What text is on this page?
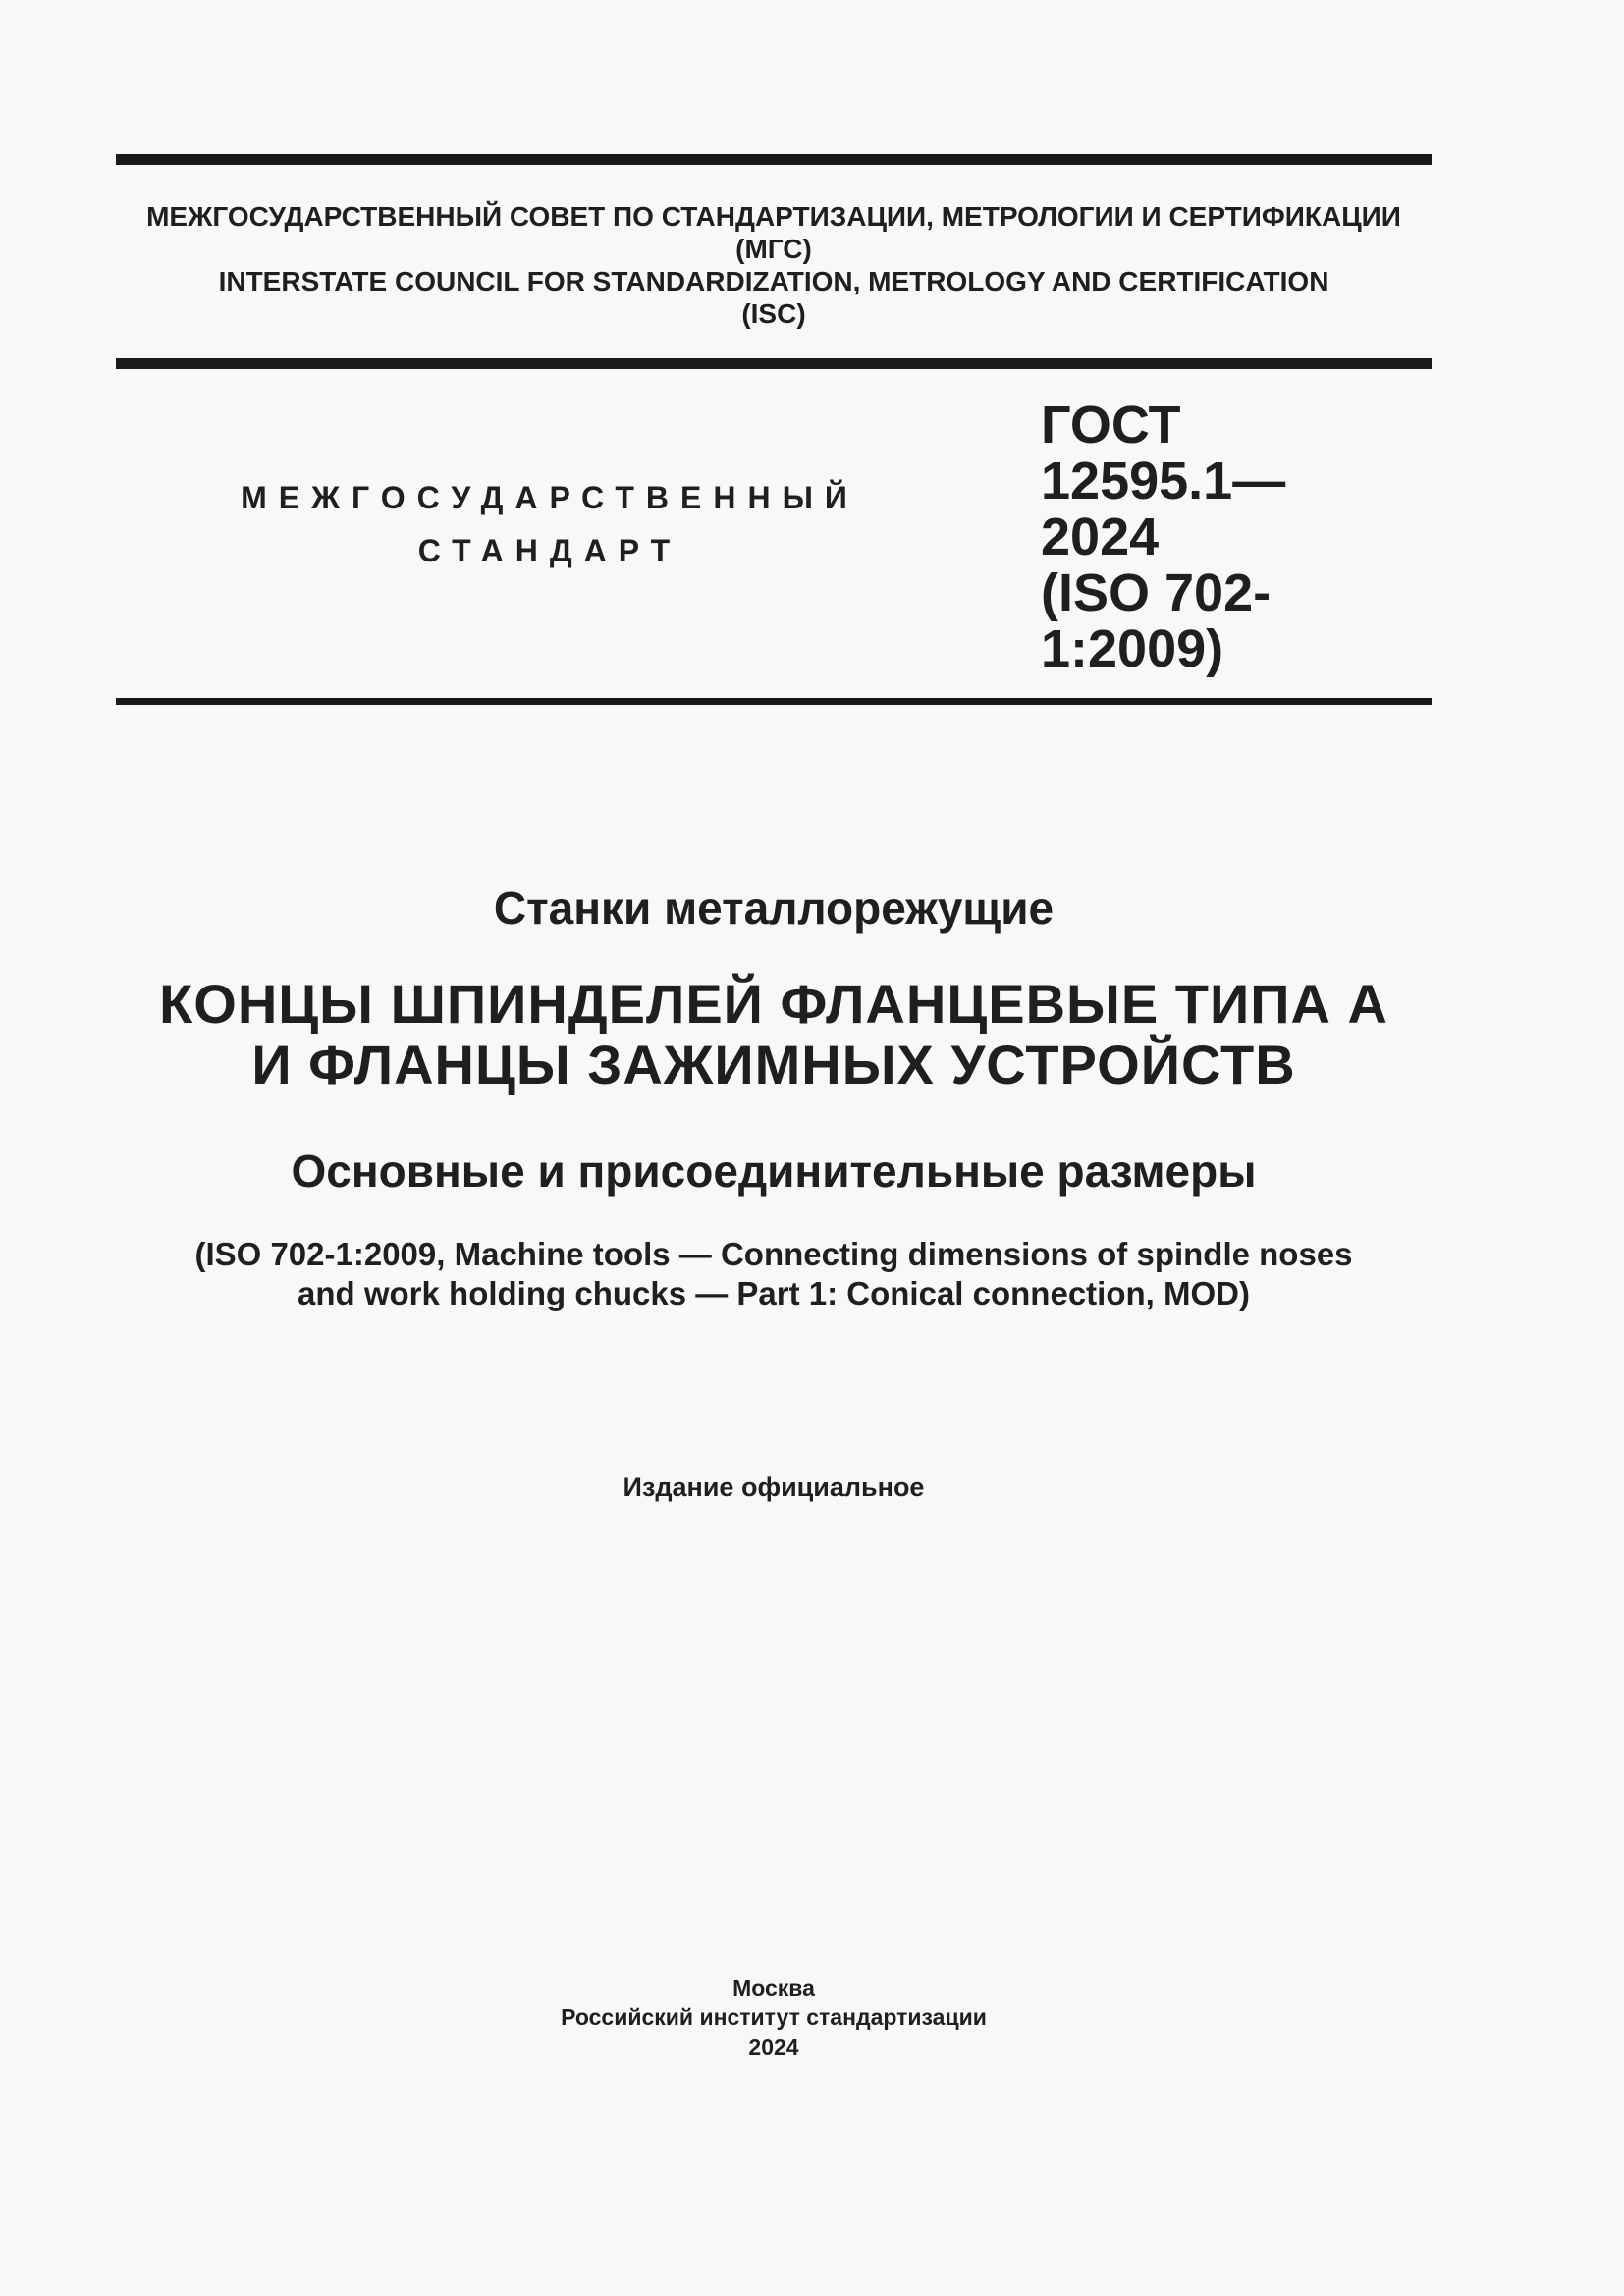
МЕЖГОСУДАРСТВЕННЫЙ СОВЕТ ПО СТАНДАРТИЗАЦИИ, МЕТРОЛОГИИ И СЕРТИФИКАЦИИ
(МГС)
INTERSTATE COUNCIL FOR STANDARDIZATION, METROLOGY AND CERTIFICATION
(ISC)
МЕЖГОСУДАРСТВЕННЫЙ
СТАНДАРТ
ГОСТ
12595.1—
2024
(ISO 702-1:2009)
Станки металлорежущие
КОНЦЫ ШПИНДЕЛЕЙ ФЛАНЦЕВЫЕ ТИПА А
И ФЛАНЦЫ ЗАЖИМНЫХ УСТРОЙСТВ
Основные и присоединительные размеры
(ISO 702-1:2009, Machine tools — Connecting dimensions of spindle noses
and work holding chucks — Part 1: Conical connection, MOD)
Издание официальное
Москва
Российский институт стандартизации
2024
